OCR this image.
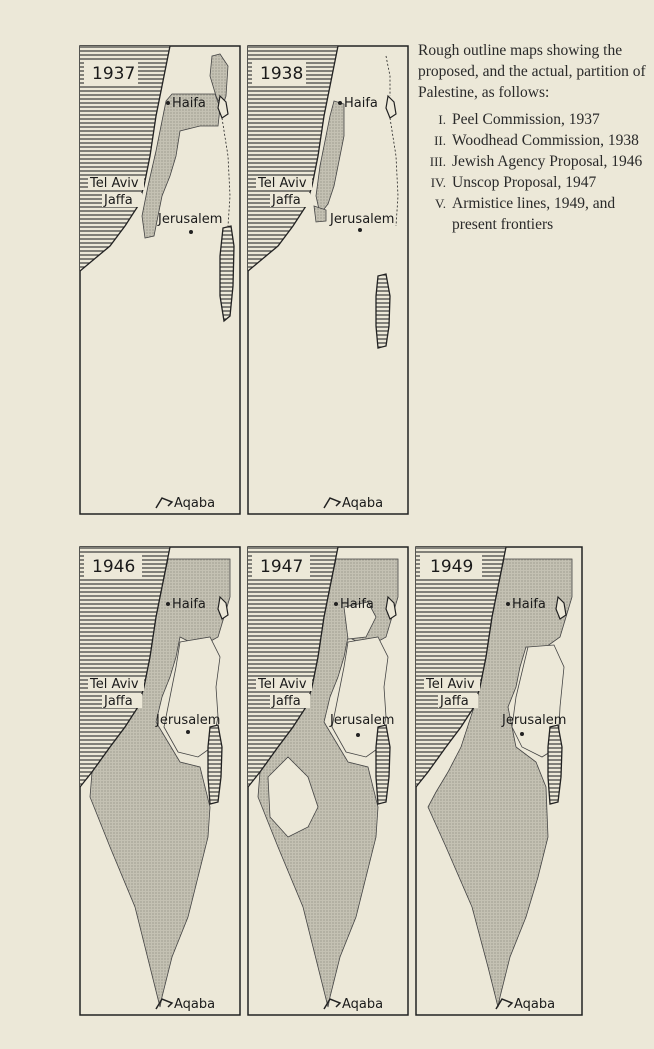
1937
Haifa
Tel Aviv
Jaffa
Jerusalem
Aqaba
1938
Haifa
Tel Aviv
Jaffa
Jerusalem
Aqaba
1946
Haifa
Tel Aviv
Jaffa
Jerusalem
Aqaba
1947
Haifa
Tel Aviv
Jaffa
Jerusalem
Aqaba
1949
Haifa
Tel Aviv
Jaffa
Jerusalem
Aqaba

Rough outline maps showing the proposed, and the actual, partition of Palestine, as follows:

I. Peel Commission, 1937
II. Woodhead Commission, 1938
III. Jewish Agency Proposal, 1946
IV. Unscop Proposal, 1947
V. Armistice lines, 1949, and present frontiers
